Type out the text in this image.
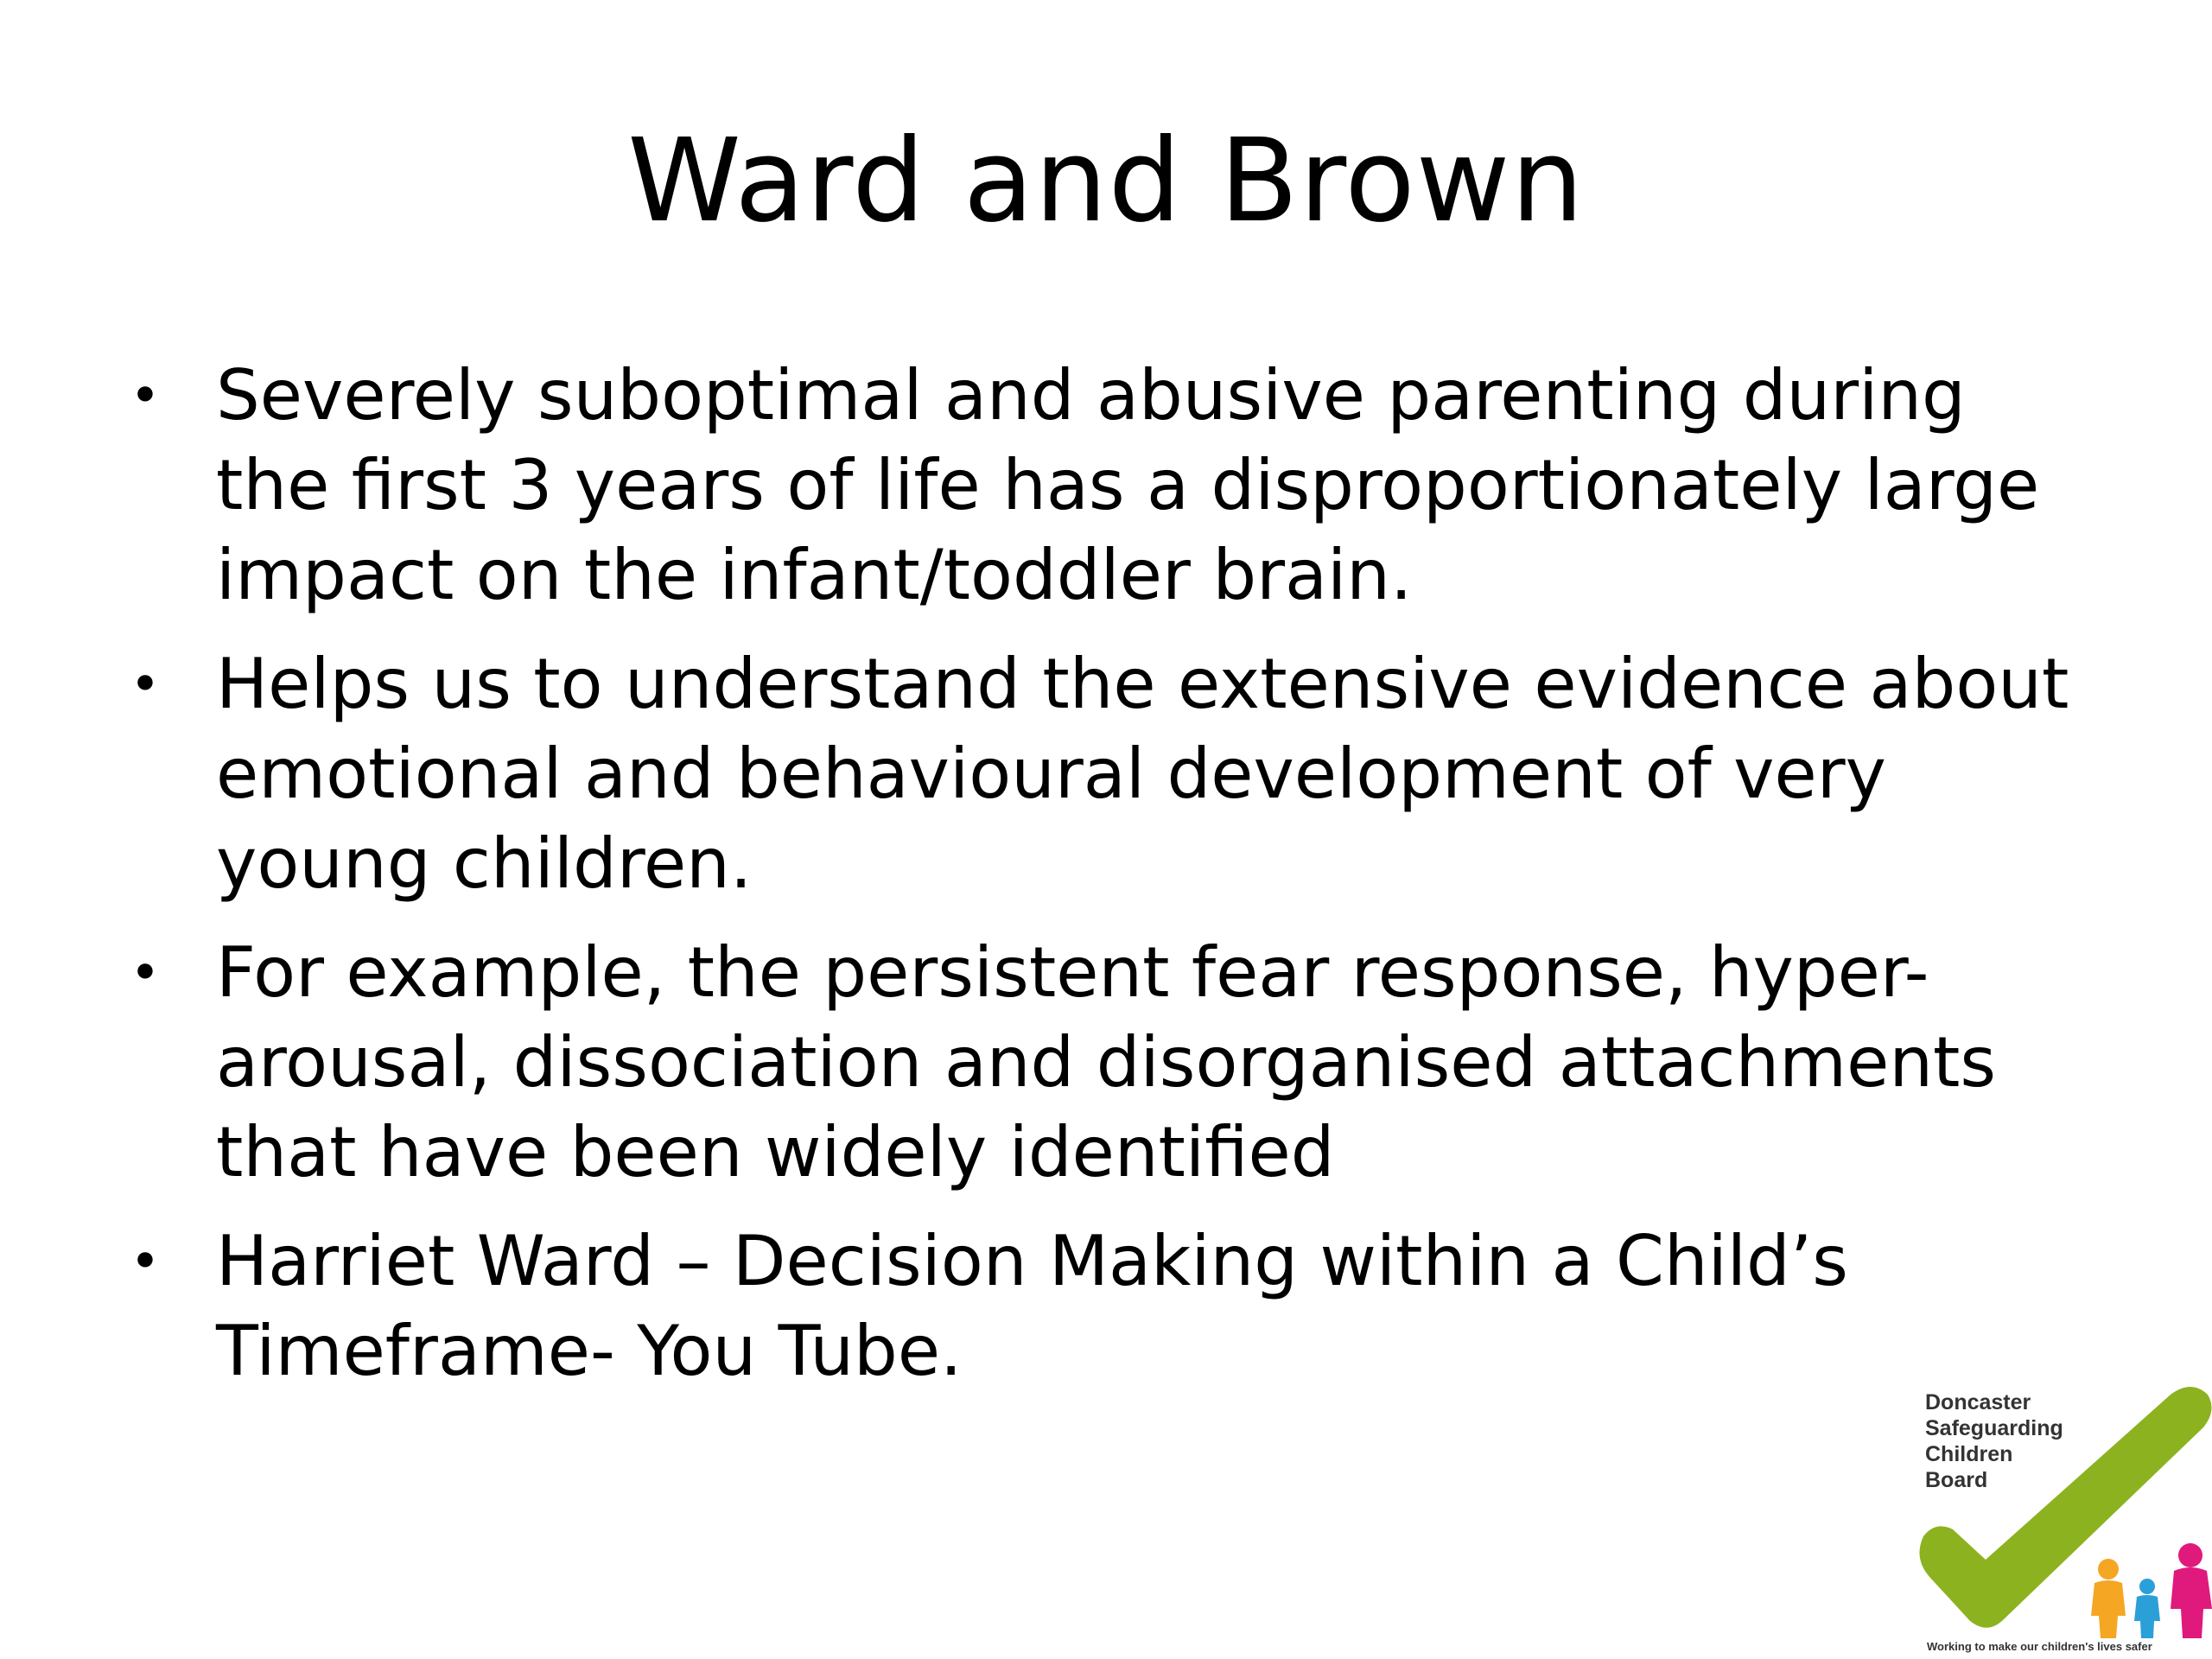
Ward and Brown
• Severely suboptimal and abusive parenting during the first 3 years of life has a disproportionately large impact on the infant/toddler brain.
• Helps us to understand the extensive evidence about emotional and behavioural development of very young children.
• For example, the persistent fear response, hyper-arousal, dissociation and disorganised attachments that have been widely identified
• Harriet Ward – Decision Making within a Child’s Timeframe- You Tube.
Doncaster
Safeguarding
Children
Board
Working to make our children's lives safer
